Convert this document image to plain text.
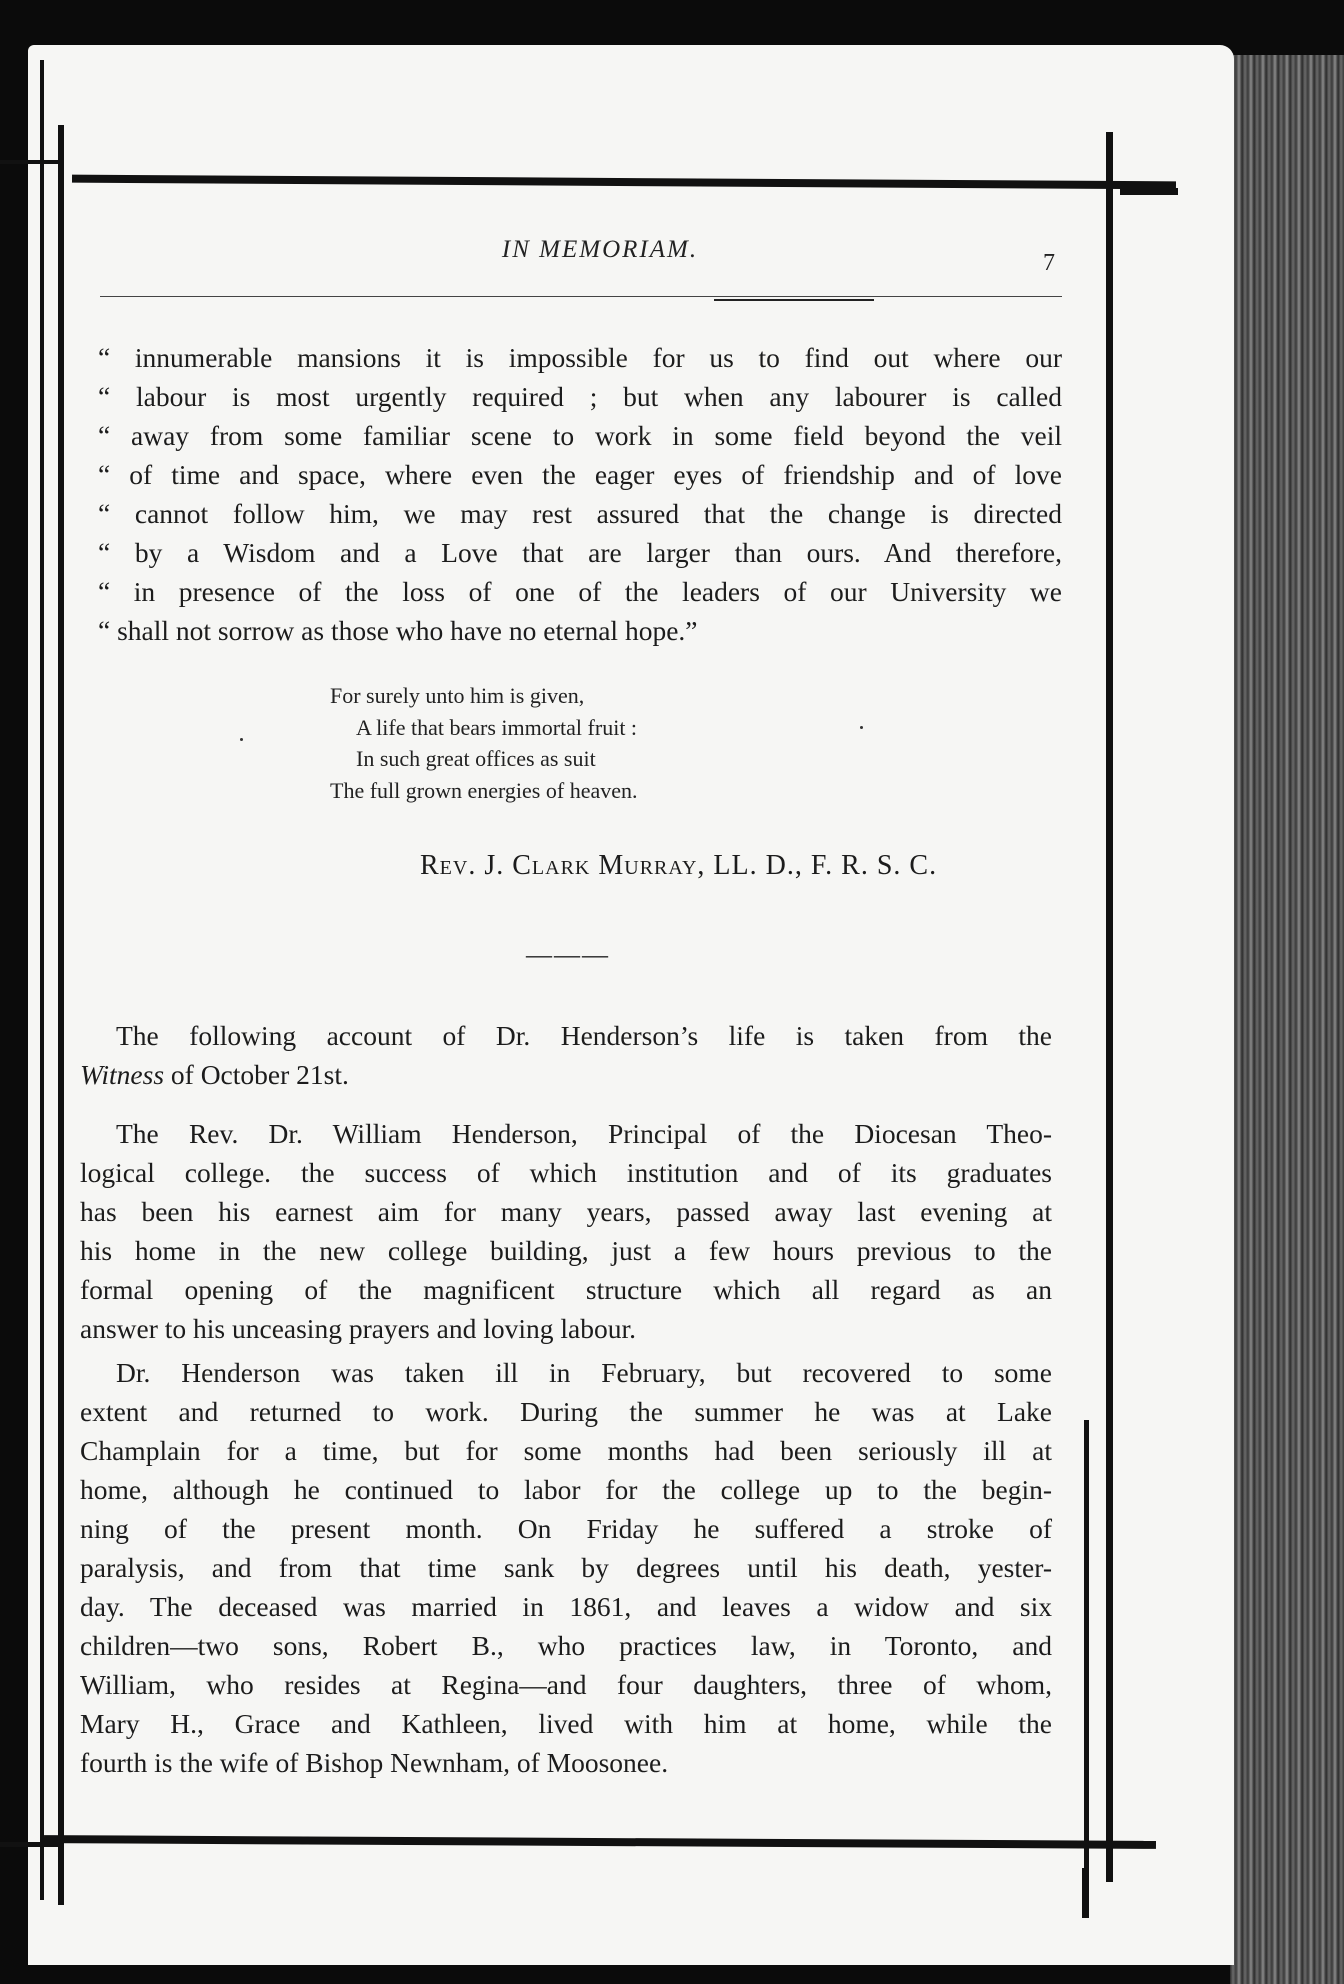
IN MEMORIAM.	7
“ innumerable mansions it is impossible for us to find out where our
“ labour is most urgently required ; but when any labourer is called
“ away from some familiar scene to work in some field beyond the veil
“ of time and space, where even the eager eyes of friendship and of love
“ cannot follow him, we may rest assured that the change is directed
“ by a Wisdom and a Love that are larger than ours. And therefore,
“ in presence of the loss of one of the leaders of our University we
“ shall not sorrow as those who have no eternal hope.”
For surely unto him is given,
A life that bears immortal fruit :
In such great offices as suit
The full grown energies of heaven.
Rev. J. Clark Murray, LL. D., F. R. S. C.
———
The following account of Dr. Henderson’s life is taken from the
Witness of October 21st.
The Rev. Dr. William Henderson, Principal of the Diocesan Theo-
logical college. the success of which institution and of its graduates
has been his earnest aim for many years, passed away last evening at
his home in the new college building, just a few hours previous to the
formal opening of the magnificent structure which all regard as an
answer to his unceasing prayers and loving labour.
Dr. Henderson was taken ill in February, but recovered to some
extent and returned to work. During the summer he was at Lake
Champlain for a time, but for some months had been seriously ill at
home, although he continued to labor for the college up to the begin-
ning of the present month. On Friday he suffered a stroke of
paralysis, and from that time sank by degrees until his death, yester-
day. The deceased was married in 1861, and leaves a widow and six
children—two sons, Robert B., who practices law, in Toronto, and
William, who resides at Regina—and four daughters, three of whom,
Mary H., Grace and Kathleen, lived with him at home, while the
fourth is the wife of Bishop Newnham, of Moosonee.
